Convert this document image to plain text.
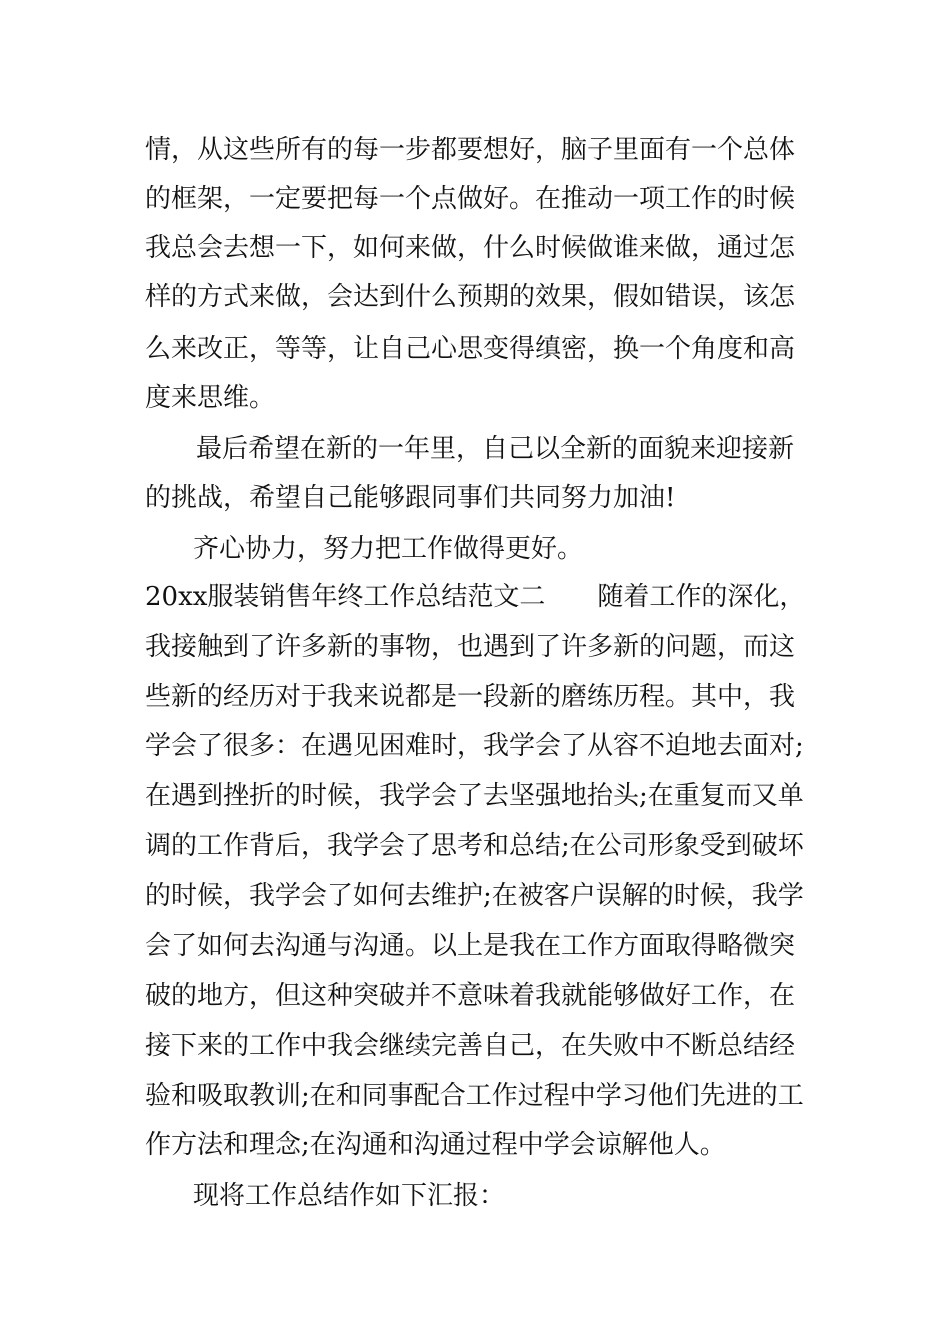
情，从这些所有的每一步都要想好，脑子里面有一个总体
的框架，一定要把每一个点做好。在推动一项工作的时候
我总会去想一下，如何来做，什么时候做谁来做，通过怎
样的方式来做，会达到什么预期的效果，假如错误，该怎
么来改正，等等，让自己心思变得缜密，换一个角度和高
度来思维。
最后希望在新的一年里，自己以全新的面貌来迎接新
的挑战，希望自己能够跟同事们共同努力加油!
齐心协力，努力把工作做得更好。
20xx服装销售年终工作总结范文二　　随着工作的深化，
我接触到了许多新的事物，也遇到了许多新的问题，而这
些新的经历对于我来说都是一段新的磨练历程。其中，我
学会了很多：在遇见困难时，我学会了从容不迫地去面对;
在遇到挫折的时候，我学会了去坚强地抬头;在重复而又单
调的工作背后，我学会了思考和总结;在公司形象受到破坏
的时候，我学会了如何去维护;在被客户误解的时候，我学
会了如何去沟通与沟通。以上是我在工作方面取得略微突
破的地方，但这种突破并不意味着我就能够做好工作，在
接下来的工作中我会继续完善自己，在失败中不断总结经
验和吸取教训;在和同事配合工作过程中学习他们先进的工
作方法和理念;在沟通和沟通过程中学会谅解他人。
现将工作总结作如下汇报：
